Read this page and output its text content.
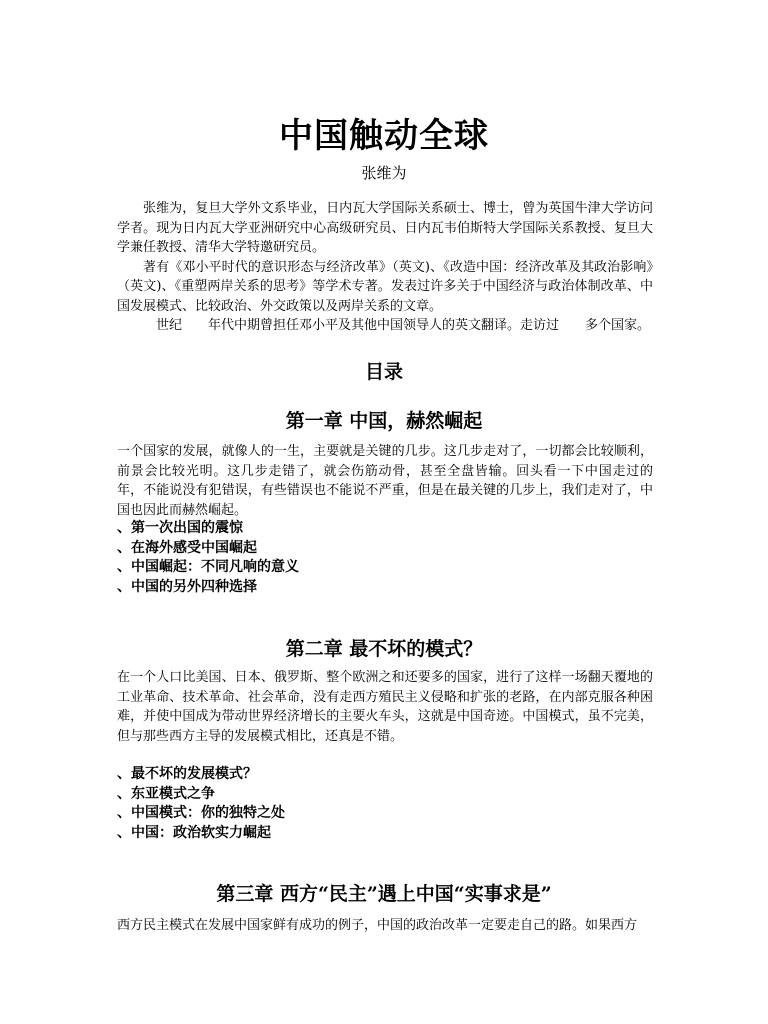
中国触动全球
张维为

张维为，复旦大学外文系毕业，日内瓦大学国际关系硕士、博士，曾为英国牛津大学访问学者。现为日内瓦大学亚洲研究中心高级研究员、日内瓦韦伯斯特大学国际关系教授、复旦大学兼任教授、清华大学特邀研究员。

著有《邓小平时代的意识形态与经济改革》（英文)、《改造中国：经济改革及其政治影响》（英文)、《重塑两岸关系的思考》等学术专著。发表过许多关于中国经济与政治体制改革、中国发展模式、比较政治、外交政策以及两岸关系的文章。

世纪　　年代中期曾担任邓小平及其他中国领导人的英文翻译。走访过　　多个国家。

目录
第一章 中国，赫然崛起

一个国家的发展，就像人的一生，主要就是关键的几步。这几步走对了，一切都会比较顺利，前景会比较光明。这几步走错了，就会伤筋动骨，甚至全盘皆输。回头看一下中国走过的　　年，不能说没有犯错误，有些错误也不能说不严重，但是在最关键的几步上，我们走对了，中国也因此而赫然崛起。

、第一次出国的震惊
、在海外感受中国崛起
、中国崛起：不同凡响的意义
、中国的另外四种选择
第二章 最不坏的模式？

在一个人口比美国、日本、俄罗斯、整个欧洲之和还要多的国家，进行了这样一场翻天覆地的工业革命、技术革命、社会革命，没有走西方殖民主义侵略和扩张的老路，在内部克服各种困难，并使中国成为带动世界经济增长的主要火车头，这就是中国奇迹。中国模式，虽不完美，但与那些西方主导的发展模式相比，还真是不错。

、最不坏的发展模式？
、东亚模式之争
、中国模式：你的独特之处
、中国：政治软实力崛起
第三章 西方“民主”遇上中国“实事求是”

西方民主模式在发展中国家鲜有成功的例子，中国的政治改革一定要走自己的路。如果西方
